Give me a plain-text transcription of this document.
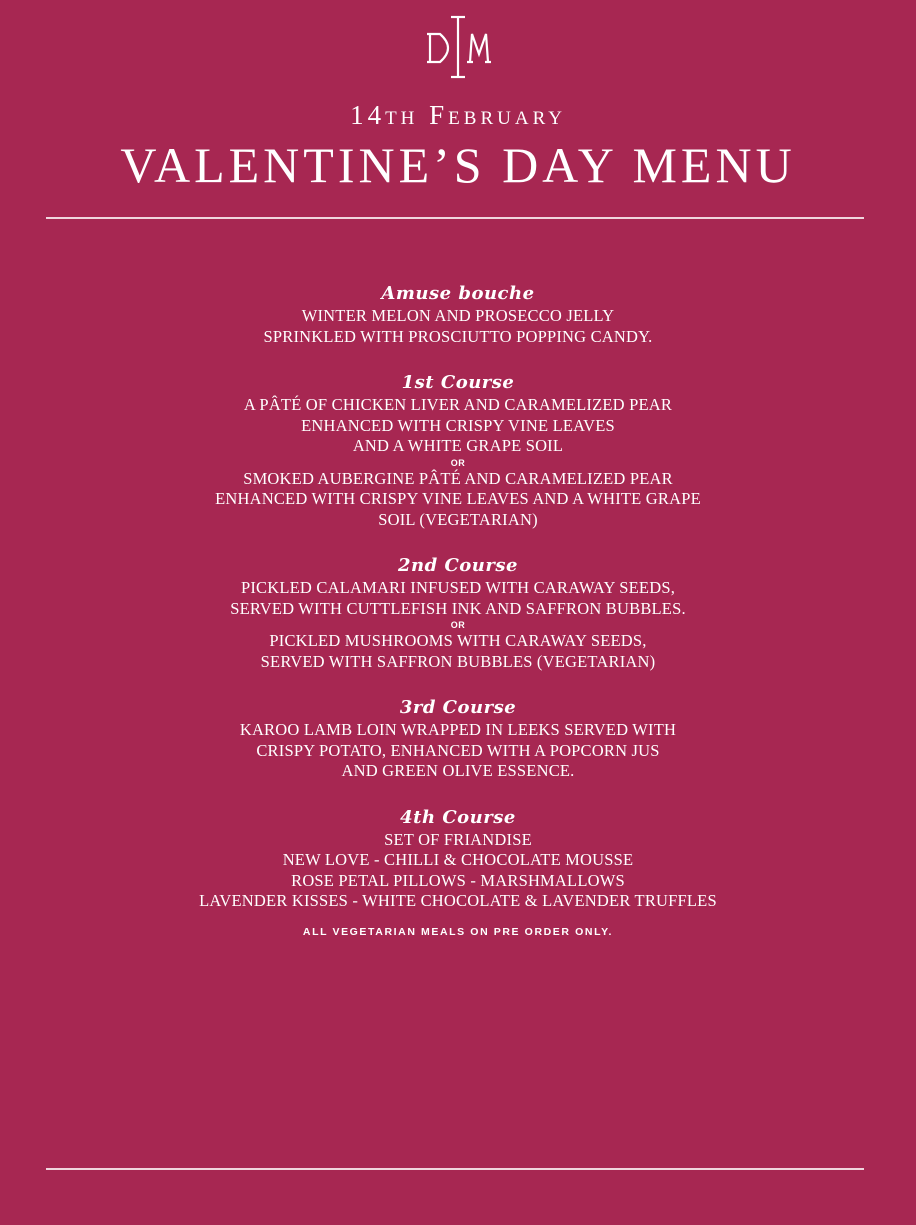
14th February
VALENTINE’S DAY MENU
Amuse bouche
WINTER MELON AND PROSECCO JELLY
SPRINKLED WITH PROSCIUTTO POPPING CANDY.
1st Course
A PÂTÉ OF CHICKEN LIVER AND CARAMELIZED PEAR
ENHANCED WITH CRISPY VINE LEAVES
AND A WHITE GRAPE SOIL
OR
SMOKED AUBERGINE PÂTÉ AND CARAMELIZED PEAR
ENHANCED WITH CRISPY VINE LEAVES AND A WHITE GRAPE
SOIL (VEGETARIAN)
2nd Course
PICKLED CALAMARI INFUSED WITH CARAWAY SEEDS,
SERVED WITH CUTTLEFISH INK AND SAFFRON BUBBLES.
OR
PICKLED MUSHROOMS WITH CARAWAY SEEDS,
SERVED WITH SAFFRON BUBBLES (VEGETARIAN)
3rd Course
KAROO LAMB LOIN WRAPPED IN LEEKS SERVED WITH
CRISPY POTATO, ENHANCED WITH A POPCORN JUS
AND GREEN OLIVE ESSENCE.
4th Course
SET OF FRIANDISE
NEW LOVE - CHILLI & CHOCOLATE MOUSSE
ROSE PETAL PILLOWS - MARSHMALLOWS
LAVENDER KISSES - WHITE CHOCOLATE & LAVENDER TRUFFLES
ALL VEGETARIAN MEALS ON PRE ORDER ONLY.
